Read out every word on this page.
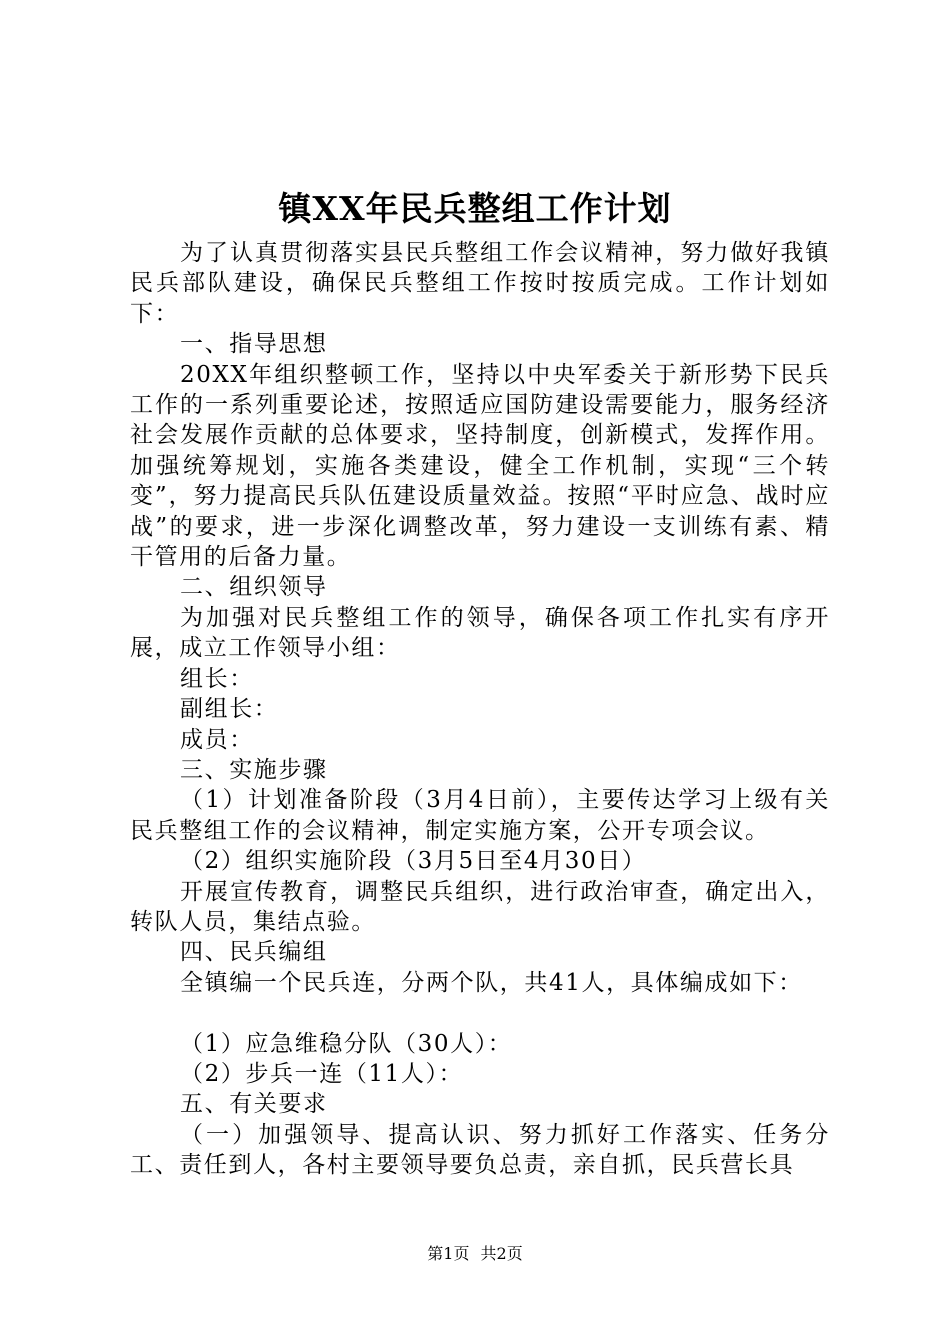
镇XX年民兵整组工作计划

为了认真贯彻落实县民兵整组工作会议精神，努力做好我镇民兵部队建设，确保民兵整组工作按时按质完成。工作计划如下：

一、指导思想

20XX年组织整顿工作，坚持以中央军委关于新形势下民兵工作的一系列重要论述，按照适应国防建设需要能力，服务经济社会发展作贡献的总体要求，坚持制度，创新模式，发挥作用。加强统筹规划，实施各类建设，健全工作机制，实现“三个转变”，努力提高民兵队伍建设质量效益。按照“平时应急、战时应战”的要求，进一步深化调整改革，努力建设一支训练有素、精干管用的后备力量。

二、组织领导

为加强对民兵整组工作的领导，确保各项工作扎实有序开展，成立工作领导小组：

组长：

副组长：

成员：

三、实施步骤

（1）计划准备阶段（3月4日前），主要传达学习上级有关民兵整组工作的会议精神，制定实施方案，公开专项会议。

（2）组织实施阶段（3月5日至4月30日）

开展宣传教育，调整民兵组织，进行政治审查，确定出入，转队人员，集结点验。

四、民兵编组

全镇编一个民兵连，分两个队，共41人，具体编成如下：

（1）应急维稳分队（30人）：

（2）步兵一连（11人）：

五、有关要求

（一）加强领导、提高认识、努力抓好工作落实、任务分工、责任到人，各村主要领导要负总责，亲自抓，民兵营长具

第1页 共2页
